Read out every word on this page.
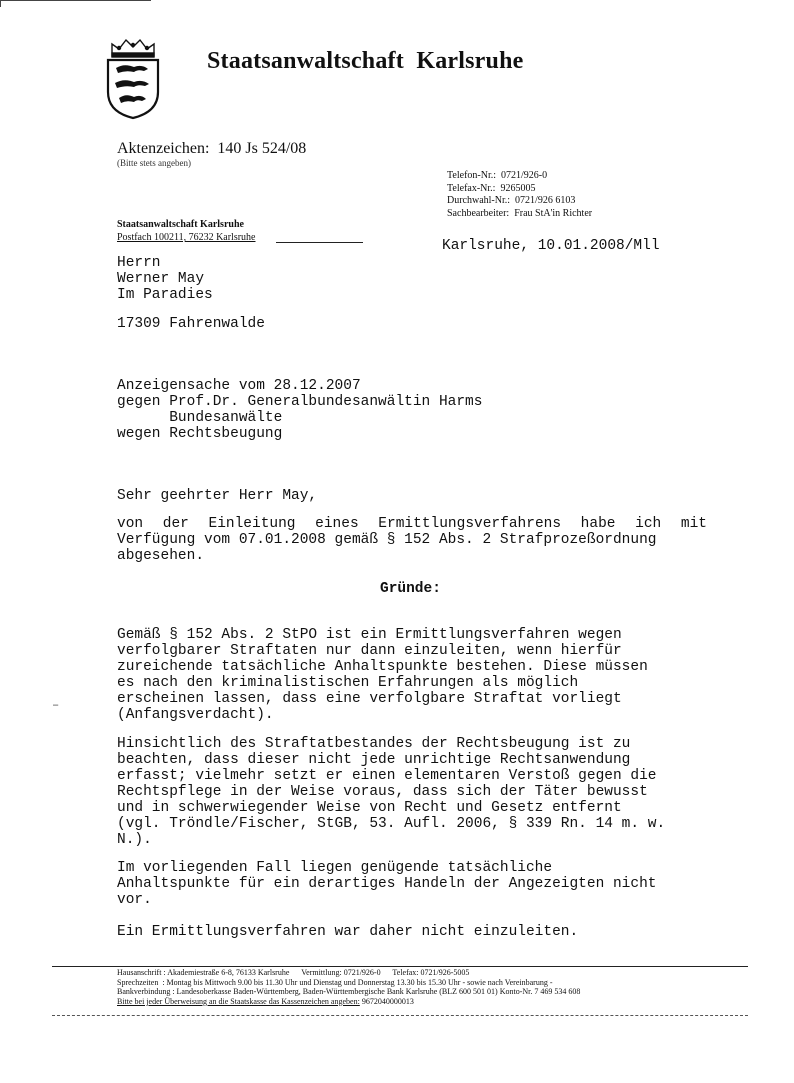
Staatsanwaltschaft  Karlsruhe
Aktenzeichen:  140 Js 524/08
(Bitte stets angeben)
Telefon-Nr.:  0721/926-0
Telefax-Nr.:  9265005
Durchwahl-Nr.:  0721/926 6103
Sachbearbeiter:  Frau StA'in Richter
Staatsanwaltschaft Karlsruhe
Postfach 100211, 76232 Karlsruhe
Karlsruhe, 10.01.2008/Mll
Herrn
Werner May
Im Paradies
17309 Fahrenwalde
Anzeigensache vom 28.12.2007
gegen Prof.Dr. Generalbundesanwältin Harms
Bundesanwälte
wegen Rechtsbeugung
Sehr geehrter Herr May,

von der Einleitung eines Ermittlungsverfahrens habe ich mit Verfügung vom 07.01.2008 gemäß § 152 Abs. 2 Strafprozeßordnung
abgesehen.

Gründe:

Gemäß § 152 Abs. 2 StPO ist ein Ermittlungsverfahren wegen
verfolgbarer Straftaten nur dann einzuleiten, wenn hierfür
zureichende tatsächliche Anhaltspunkte bestehen. Diese müssen
es nach den kriminalistischen Erfahrungen als möglich
erscheinen lassen, dass eine verfolgbare Straftat vorliegt
(Anfangsverdacht).

Hinsichtlich des Straftatbestandes der Rechtsbeugung ist zu
beachten, dass dieser nicht jede unrichtige Rechtsanwendung
erfasst; vielmehr setzt er einen elementaren Verstoß gegen die
Rechtspflege in der Weise voraus, dass sich der Täter bewusst
und in schwerwiegender Weise von Recht und Gesetz entfernt
(vgl. Tröndle/Fischer, StGB, 53. Aufl. 2006, § 339 Rn. 14 m. w.
N.).

Im vorliegenden Fall liegen genügende tatsächliche
Anhaltspunkte für ein derartiges Handeln der Angezeigten nicht
vor.

Ein Ermittlungsverfahren war daher nicht einzuleiten.

–
Hausanschrift : Akademiestraße 6-8, 76133 Karlsruhe      Vermittlung: 0721/926-0      Telefax: 0721/926-5005
Sprechzeiten  : Montag bis Mittwoch 9.00 bis 11.30 Uhr und Dienstag und Donnerstag 13.30 bis 15.30 Uhr - sowie nach Vereinbarung -
Bankverbindung : Landesoberkasse Baden-Württemberg, Baden-Württembergische Bank Karlsruhe (BLZ 600 501 01) Konto-Nr. 7 469 534 608
Bitte bei jeder Überweisung an die Staatskasse das Kassenzeichen angeben: 9672040000013
